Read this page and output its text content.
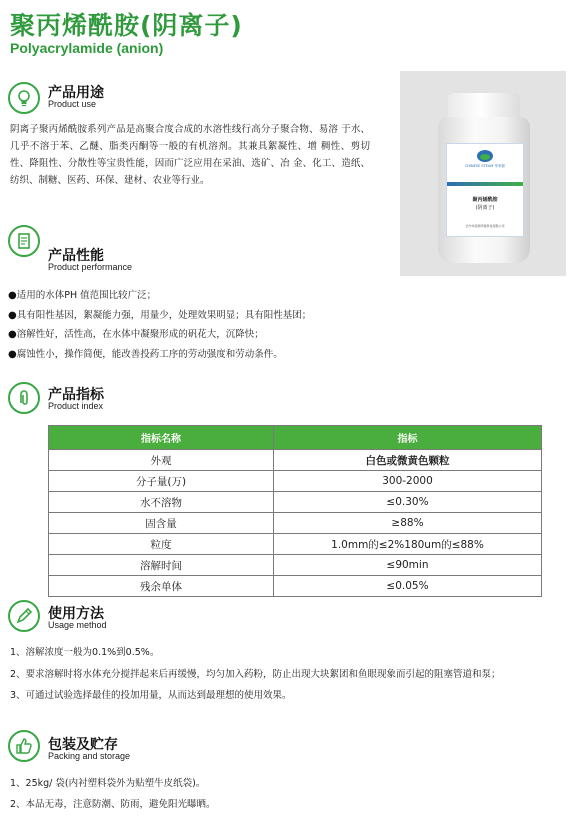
聚丙烯酰胺(阴离子)
Polyacrylamide (anion)
产品用途
Product use
阴离子聚丙烯酰胺系列产品是高聚合度合成的水溶性线行高分子聚合物、易溶 于水、几乎不溶于苯、乙醚、脂类丙酮等一般的有机溶剂。其兼具絮凝性、增 稠性、剪切性、降阻性、分散性等宝贵性能，因而广泛应用在采油、选矿、冶 金、化工、造纸、纺织、制糖、医药、环保、建材、农业等行业。
CHINESE STEAM 华荣源
聚丙烯酰胺
(阴离子)
长沙华荣源环保科技有限公司
产品性能
Product performance
● 适用的水体PH 值范围比较广泛；
● 具有阳性基因，絮凝能力强，用量少，处理效果明显；具有阳性基团；
● 溶解性好，活性高，在水体中凝聚形成的矾花大，沉降快；
● 腐蚀性小，操作简便，能改善投药工序的劳动强度和劳动条件。
产品指标
Product index
指标名称	指标
外观	白色或微黄色颗粒
分子量(万)	300-2000
水不溶物	≤0.30%
固含量	≥88%
粒度	1.0mm的≤2%180um的≤88%
溶解时间	≤90min
残余单体	≤0.05%
使用方法
Usage method
1、溶解浓度一般为0.1%到0.5%。
2、要求溶解时将水体充分搅拌起来后再缓慢，均匀加入药粉，防止出现大块絮团和鱼眼现象而引起的阻塞管道和泵；
3、可通过试验选择最佳的投加用量，从而达到最理想的使用效果。
包装及贮存
Packing and storage
1、25kg/ 袋(内衬塑料袋外为贴塑牛皮纸袋)。
2、本品无毒，注意防潮、防雨，避免阳光曝晒。
